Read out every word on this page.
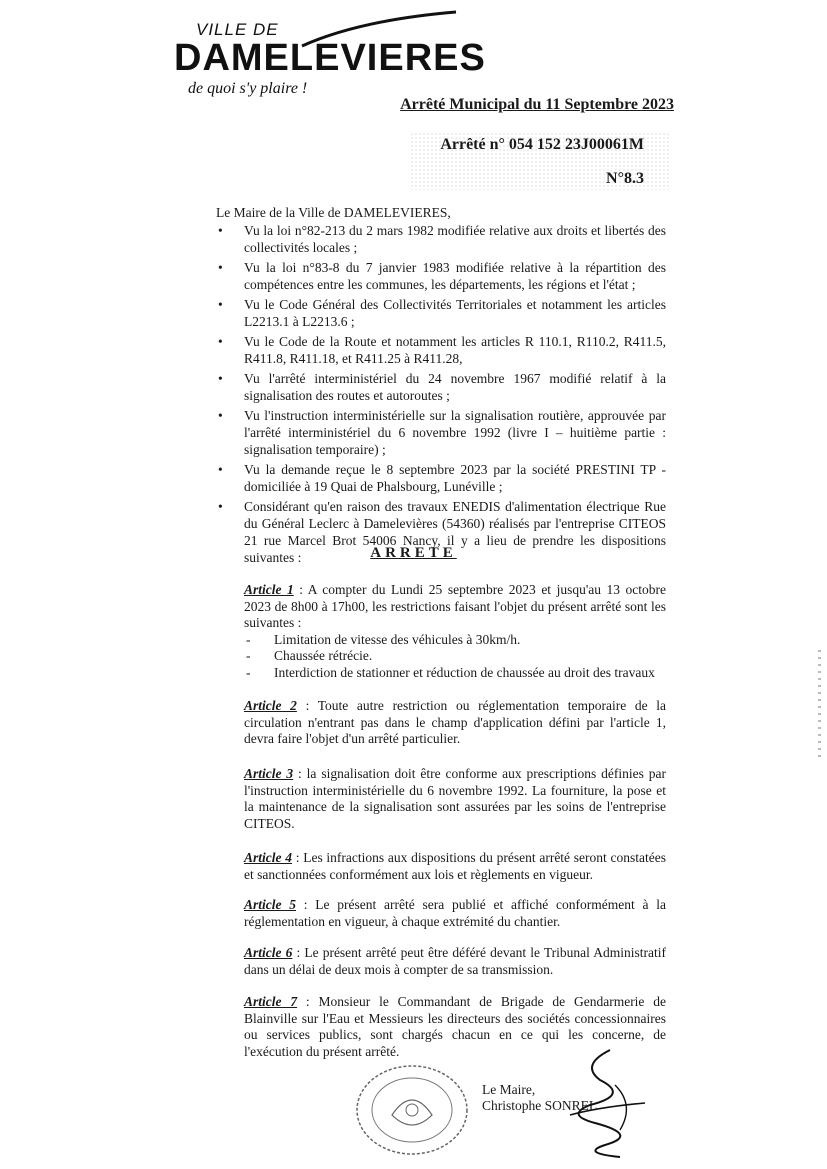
VILLE DE
DAMELEVIERES
de quoi s'y plaire !
Arrêté Municipal du 11 Septembre 2023
Arrêté n° 054 152 23J00061M
N°8.3
Le Maire de la Ville de DAMELEVIERES,
• Vu la loi n°82-213 du 2 mars 1982 modifiée relative aux droits et libertés des collectivités locales ;
• Vu la loi n°83-8 du 7 janvier 1983 modifiée relative à la répartition des compétences entre les communes, les départements, les régions et l'état ;
• Vu le Code Général des Collectivités Territoriales et notamment les articles L2213.1 à L2213.6 ;
• Vu le Code de la Route et notamment les articles R 110.1, R110.2, R411.5, R411.8, R411.18, et R411.25 à R411.28,
• Vu l'arrêté interministériel du 24 novembre 1967 modifié relatif à la signalisation des routes et autoroutes ;
• Vu l'instruction interministérielle sur la signalisation routière, approuvée par l'arrêté interministériel du 6 novembre 1992 (livre I – huitième partie : signalisation temporaire) ;
• Vu la demande reçue le 8 septembre 2023 par la société PRESTINI TP - domiciliée à 19 Quai de Phalsbourg, Lunéville ;
• Considérant qu'en raison des travaux ENEDIS d'alimentation électrique Rue du Général Leclerc à Damelevières (54360) réalisés par l'entreprise CITEOS 21 rue Marcel Brot 54006 Nancy, il y a lieu de prendre les dispositions suivantes :	ARRETE
Article 1 : A compter du Lundi 25 septembre 2023 et jusqu'au 13 octobre 2023 de 8h00 à 17h00, les restrictions faisant l'objet du présent arrêté sont les suivantes :
- Limitation de vitesse des véhicules à 30km/h.
- Chaussée rétrécie.
- Interdiction de stationner et réduction de chaussée au droit des travaux
Article 2 : Toute autre restriction ou réglementation temporaire de la circulation n'entrant pas dans le champ d'application défini par l'article 1, devra faire l'objet d'un arrêté particulier.
Article 3 : la signalisation doit être conforme aux prescriptions définies par l'instruction interministérielle du 6 novembre 1992. La fourniture, la pose et la maintenance de la signalisation sont assurées par les soins de l'entreprise CITEOS.
Article 4 : Les infractions aux dispositions du présent arrêté seront constatées et sanctionnées conformément aux lois et règlements en vigueur.
Article 5 : Le présent arrêté sera publié et affiché conformément à la réglementation en vigueur, à chaque extrémité du chantier.
Article 6 : Le présent arrêté peut être déféré devant le Tribunal Administratif dans un délai de deux mois à compter de sa transmission.
Article 7 : Monsieur le Commandant de Brigade de Gendarmerie de Blainville sur l'Eau et Messieurs les directeurs des sociétés concessionnaires ou services publics, sont chargés chacun en ce qui les concerne, de l'exécution du présent arrêté.
Le Maire,
Christophe SONREL
